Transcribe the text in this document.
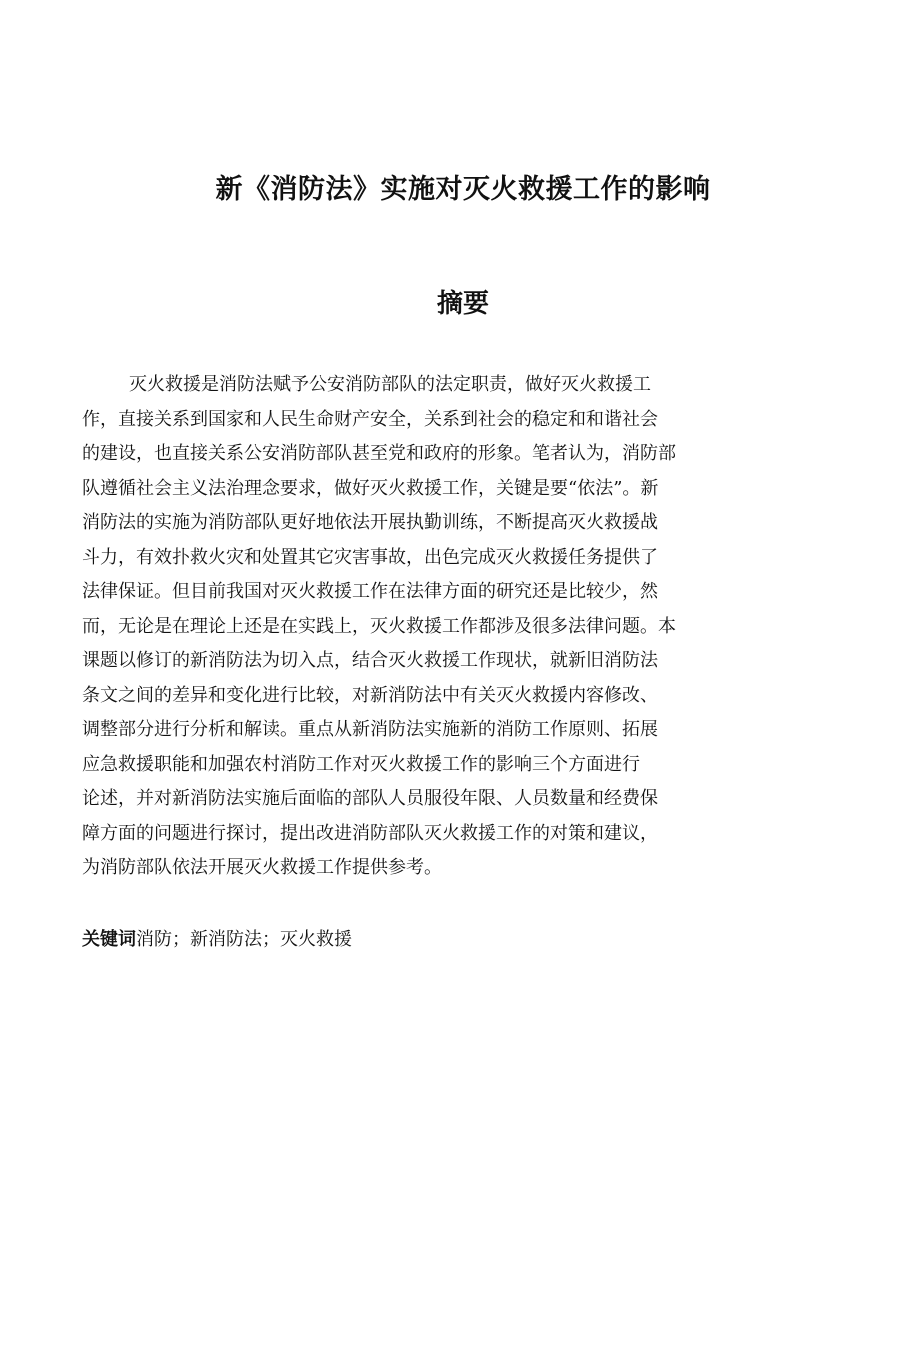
新《消防法》实施对灭火救援工作的影响
摘要
灭火救援是消防法赋予公安消防部队的法定职责，做好灭火救援工
作，直接关系到国家和人民生命财产安全，关系到社会的稳定和和谐社会
的建设，也直接关系公安消防部队甚至党和政府的形象。笔者认为，消防部
队遵循社会主义法治理念要求，做好灭火救援工作，关键是要“依法”。新
消防法的实施为消防部队更好地依法开展执勤训练，不断提高灭火救援战
斗力，有效扑救火灾和处置其它灾害事故，出色完成灭火救援任务提供了
法律保证。但目前我国对灭火救援工作在法律方面的研究还是比较少，然
而，无论是在理论上还是在实践上，灭火救援工作都涉及很多法律问题。本
课题以修订的新消防法为切入点，结合灭火救援工作现状，就新旧消防法
条文之间的差异和变化进行比较，对新消防法中有关灭火救援内容修改、
调整部分进行分析和解读。重点从新消防法实施新的消防工作原则、拓展
应急救援职能和加强农村消防工作对灭火救援工作的影响三个方面进行
论述，并对新消防法实施后面临的部队人员服役年限、人员数量和经费保
障方面的问题进行探讨，提出改进消防部队灭火救援工作的对策和建议，
为消防部队依法开展灭火救援工作提供参考。
关键词消防；新消防法；灭火救援
